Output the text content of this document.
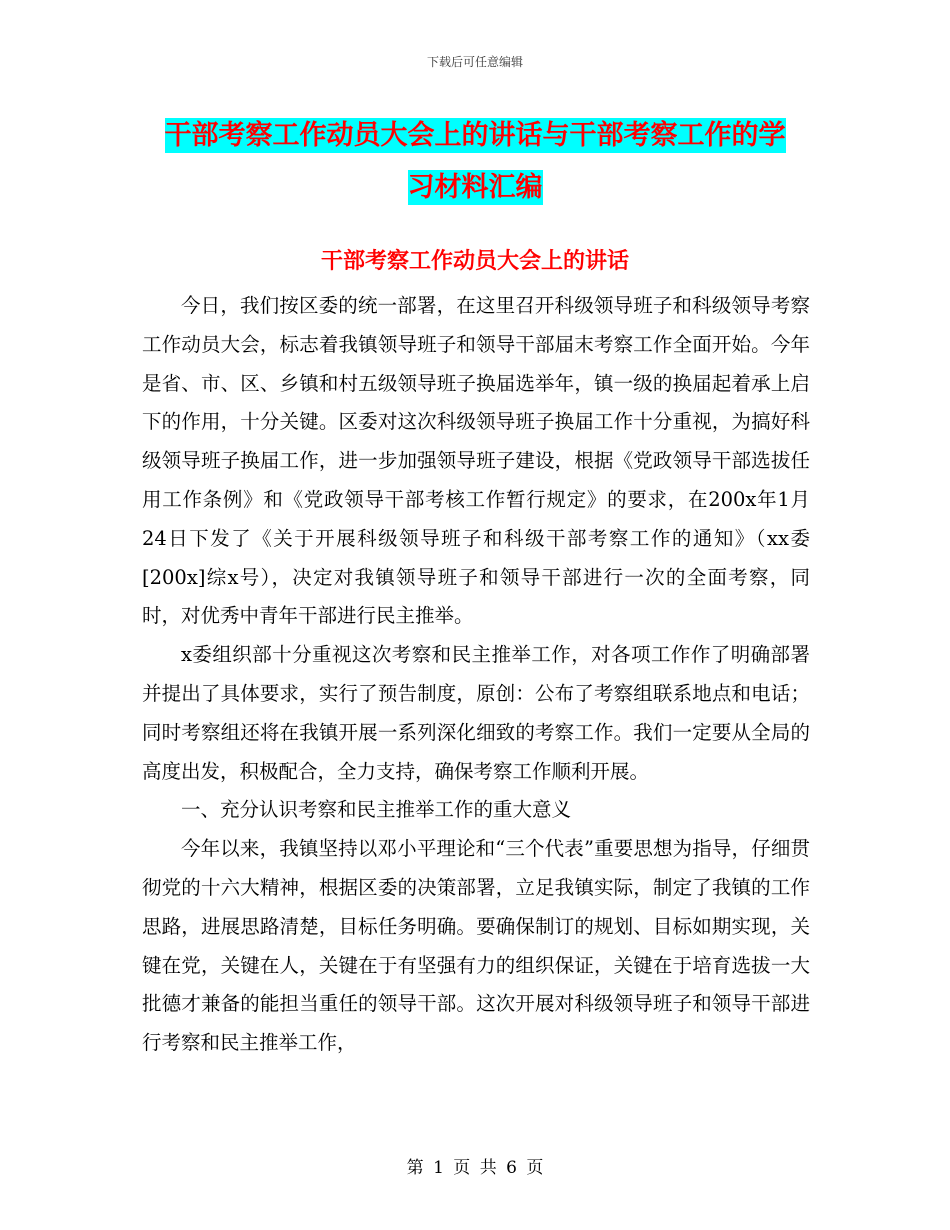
下载后可任意编辑
干部考察工作动员大会上的讲话与干部考察工作的学
习材料汇编
干部考察工作动员大会上的讲话

今日，我们按区委的统一部署，在这里召开科级领导班子和科级领导考察工作动员大会，标志着我镇领导班子和领导干部届末考察工作全面开始。今年是省、市、区、乡镇和村五级领导班子换届选举年，镇一级的换届起着承上启下的作用，十分关键。区委对这次科级领导班子换届工作十分重视，为搞好科级领导班子换届工作，进一步加强领导班子建设，根据《党政领导干部选拔任用工作条例》和《党政领导干部考核工作暂行规定》的要求，在200x年1月24日下发了《关于开展科级领导班子和科级干部考察工作的通知》（xx委[200x]综x号），决定对我镇领导班子和领导干部进行一次的全面考察，同时，对优秀中青年干部进行民主推举。

x委组织部十分重视这次考察和民主推举工作，对各项工作作了明确部署并提出了具体要求，实行了预告制度，原创：公布了考察组联系地点和电话；同时考察组还将在我镇开展一系列深化细致的考察工作。我们一定要从全局的高度出发，积极配合，全力支持，确保考察工作顺利开展。

一、充分认识考察和民主推举工作的重大意义

今年以来，我镇坚持以邓小平理论和“三个代表”重要思想为指导，仔细贯彻党的十六大精神，根据区委的决策部署，立足我镇实际，制定了我镇的工作思路，进展思路清楚，目标任务明确。要确保制订的规划、目标如期实现，关键在党，关键在人，关键在于有坚强有力的组织保证，关键在于培育选拔一大批德才兼备的能担当重任的领导干部。这次开展对科级领导班子和领导干部进行考察和民主推举工作，

第 1 页 共 6 页
